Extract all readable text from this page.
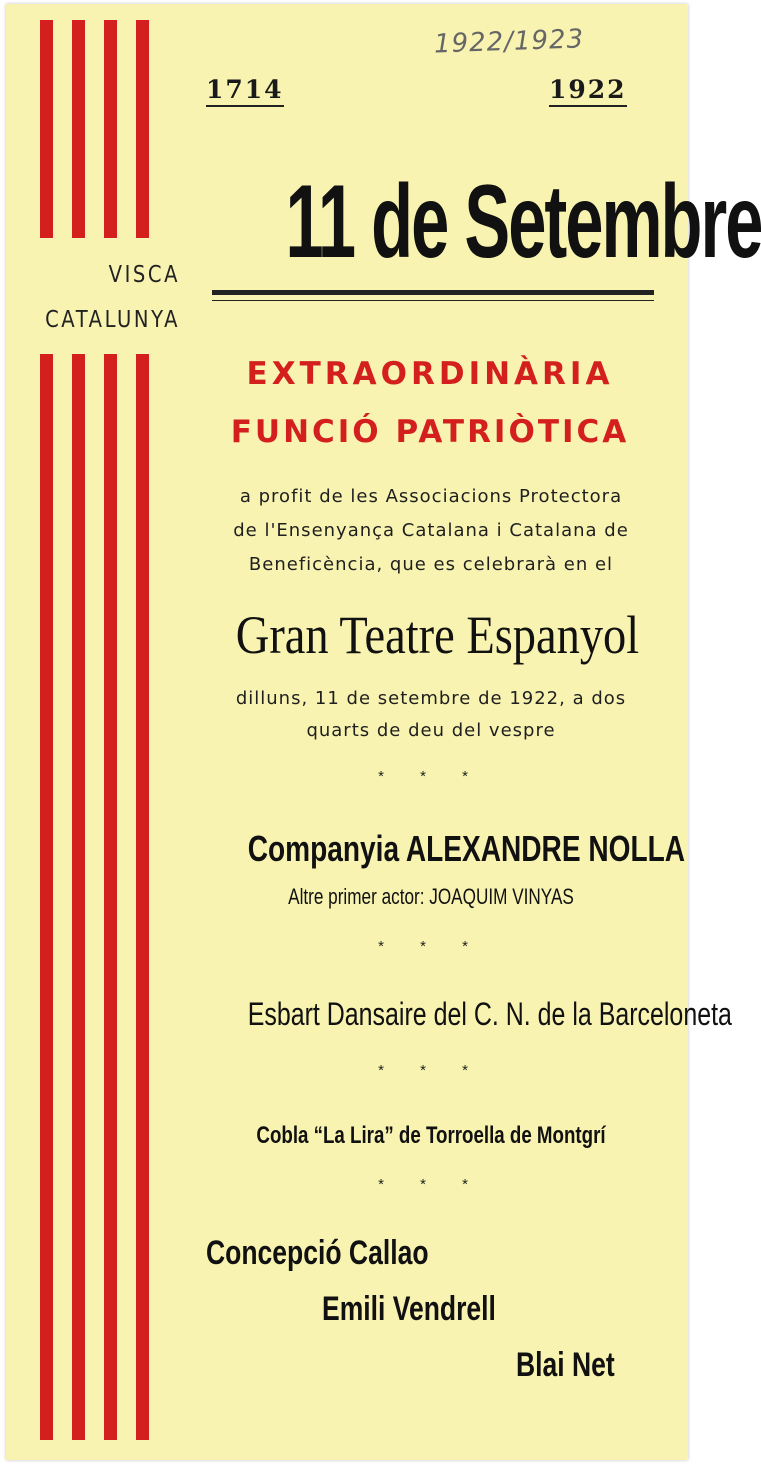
VISCA
CATALUNYA
1922/1923
1714	1922
11 de Setembre
EXTRAORDINÀRIA
FUNCIÓ PATRIÒTICA
a profit de les Associacions Protectora
de l'Ensenyança Catalana i Catalana de
Beneficència, que es celebrarà en el
Gran Teatre Espanyol
dilluns, 11 de setembre de 1922, a dos
quarts de deu del vespre
* * *
Companyia ALEXANDRE NOLLA
Altre primer actor: JOAQUIM VINYAS
* * *
Esbart Dansaire del C. N. de la Barceloneta
* * *
Cobla “La Lira” de Torroella de Montgrí
* * *
Concepció Callao
Emili Vendrell
Blai Net
